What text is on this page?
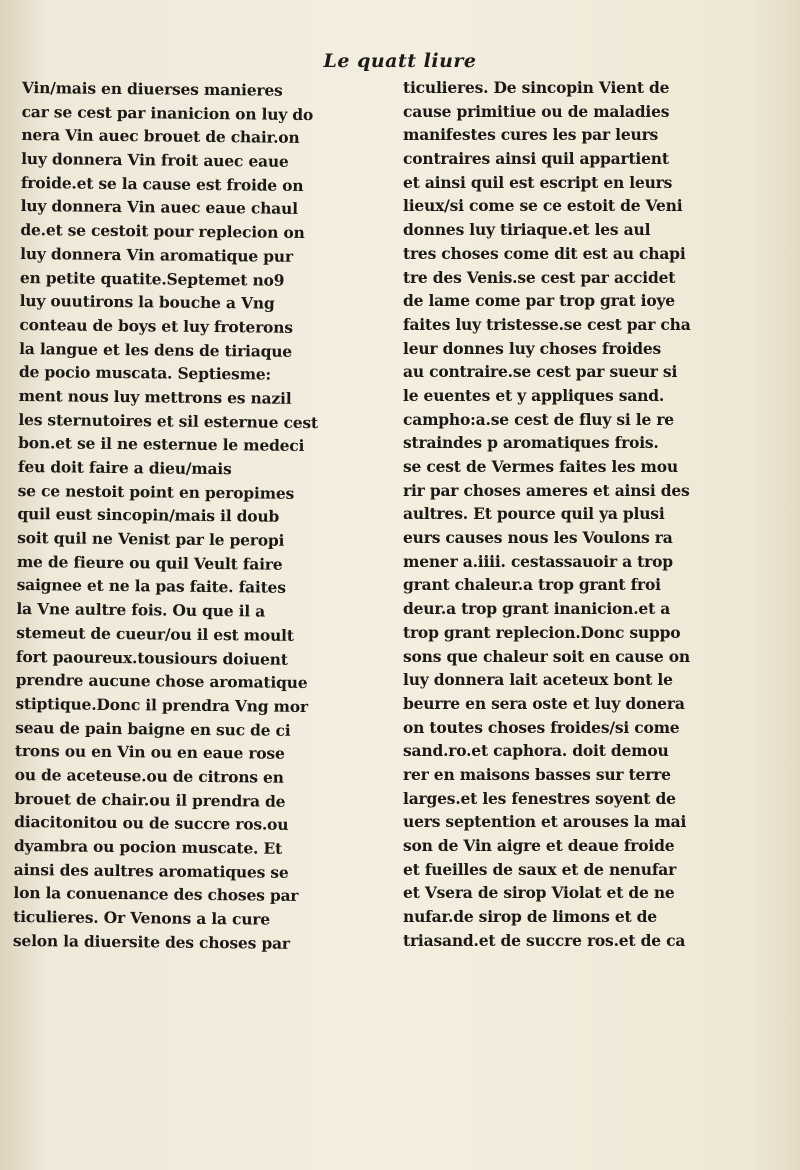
Le quatt liure
Vin/mais en diuerses manieres
car se cest par inanicion on luy do
nera Vin auec brouet de chair.on
luy donnera Vin froit auec eaue
froide.et se la cause est froide on
luy donnera Vin auec eaue chaul
de.et se cestoit pour replecion on
luy donnera Vin aromatique pur
en petite quatite.Septemet no9
luy ouutirons la bouche a Vng
conteau de boys et luy froterons
la langue et les dens de tiriaque
de pocio muscata. Septiesme:
ment nous luy mettrons es nazil
les sternutoires et sil esternue cest
bon.et se il ne esternue le medeci
feu doit faire a dieu/mais
se ce nestoit point en peropimes
quil eust sincopin/mais il doub
soit quil ne Venist par le peropi
me de fieure ou quil Veult faire
saignee et ne la pas faite. faites
la Vne aultre fois. Ou que il a
stemeut de cueur/ou il est moult
fort paoureux.tousiours doiuent
prendre aucune chose aromatique
stiptique.Donc il prendra Vng mor
seau de pain baigne en suc de ci
trons ou en Vin ou en eaue rose
ou de aceteuse.ou de citrons en
brouet de chair.ou il prendra de
diacitonitou ou de succre ros.ou
dyambra ou pocion muscate. Et
ainsi des aultres aromatiques se
lon la conuenance des choses par
ticulieres. Or Venons a la cure
selon la diuersite des choses par
ticulieres. De sincopin Vient de
cause primitiue ou de maladies
manifestes cures les par leurs
contraires ainsi quil appartient
et ainsi quil est escript en leurs
lieux/si come se ce estoit de Veni
donnes luy tiriaque.et les aul
tres choses come dit est au chapi
tre des Venis.se cest par accidet
de lame come par trop grat ioye
faites luy tristesse.se cest par cha
leur donnes luy choses froides
au contraire.se cest par sueur si
le euentes et y appliques sand.
campho:a.se cest de fluy si le re
straindes p aromatiques frois.
se cest de Vermes faites les mou
rir par choses ameres et ainsi des
aultres. Et pource quil ya plusi
eurs causes nous les Voulons ra
mener a.iiii. cestassauoir a trop
grant chaleur.a trop grant froi
deur.a trop grant inanicion.et a
trop grant replecion.Donc suppo
sons que chaleur soit en cause on
luy donnera lait aceteux bont le
beurre en sera oste et luy donera
on toutes choses froides/si come
sand.ro.et caphora. doit demou
rer en maisons basses sur terre
larges.et les fenestres soyent de
uers septention et arouses la mai
son de Vin aigre et deaue froide
et fueilles de saux et de nenufar
et Vsera de sirop Violat et de ne
nufar.de sirop de limons et de
triasand.et de succre ros.et de ca
